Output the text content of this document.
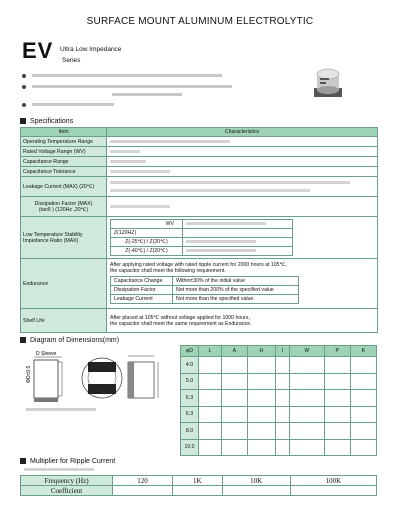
SURFACE MOUNT ALUMINUM ELECTROLYTIC
EV Ultra Low Impedance
Series
Specifications
Item	Characteristics
Operating Temperature Range	
Rated Voltage Range (WV)	
Capacitance Range	
Capacitance Tolerance	
Leakage Current (MAX) (20℃)	

Dissipation Factor (MAX)
(tanδ ) (120Hz ,20℃)	
Low Temperature Stability
Impedance Ratio (MAX)	
WV	
Z(120HZ)	
Z(-25℃) / Z(20℃)	
Z(-40℃) / Z(20℃)	

Endurance	
After applying rated voltage with rated ripple current for 2000 hours at 105℃,
the capacitor shall meet the following requirement.
Capacitance Change	Within±30% of the initial value
Dissipation Factor	Not more than 200% of the specified value
Leakage Current	Not more than the specified value

Shelf Life	After placed at 105℃ without voltage applied for 1000 hours,
the capacitor shall meet the same requirement as Endurance.
Diagram of Dimensions(mm)
D Sleeve
ΦD±0.5
φD	L	A	H	I	W	P	K
4.0							
5.0							
6.3							
6.3							
8.0							
10.0							
Multiplier for Ripple Current
Frequency (Hz)	120	1K	10K	100K
Coefficient				
